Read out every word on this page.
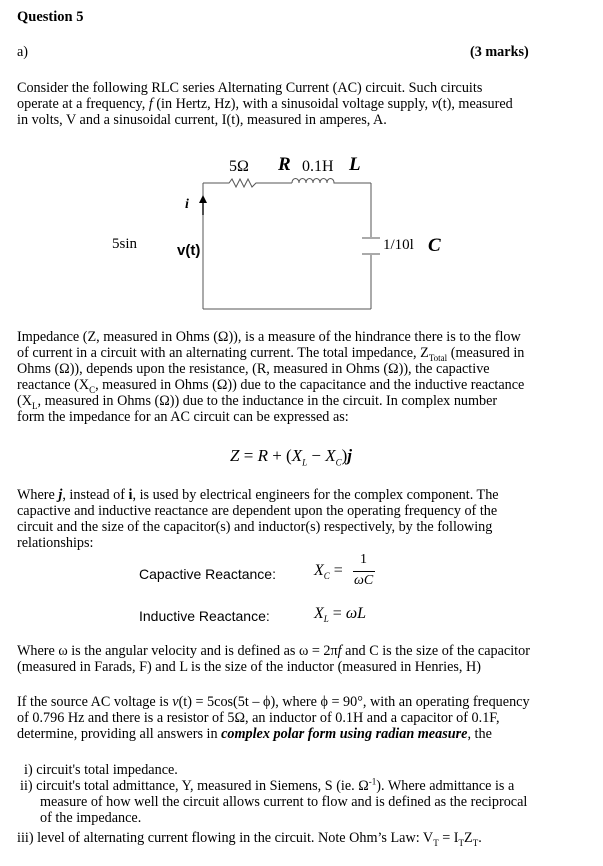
Question 5
a)	(3 marks)
Consider the following RLC series Alternating Current (AC) circuit. Such circuits
operate at a frequency, f (in Hertz, Hz), with a sinusoidal voltage supply, v(t), measured
in volts, V and a sinusoidal current, I(t), measured in amperes, A.
5Ω R 0.1H L
i
5sin	v(t)	1/10l C
Impedance (Z, measured in Ohms (Ω)), is a measure of the hindrance there is to the flow
of current in a circuit with an alternating current. The total impedance, $Z_{Total}$ (measured in
Ohms (Ω)), depends upon the resistance, (R, measured in Ohms (Ω)), the capactive
reactance ($X_C$, measured in Ohms (Ω)) due to the capacitance and the inductive reactance
($X_L$, measured in Ohms (Ω)) due to the inductance in the circuit. In complex number
form the impedance for an AC circuit can be expressed as:
$Z = R + (X_L - X_C)j$
Where j, instead of i, is used by electrical engineers for the complex component. The
capactive and inductive reactance are dependent upon the operating frequency of the
circuit and the size of the capacitor(s) and inductor(s) respectively, by the following
relationships:
Capactive Reactance: $X_C$ =
1
ωC
Inductive Reactance:	$X_L = \omega L$
Where ω is the angular velocity and is defined as ω = 2πf and C is the size of the capacitor
(measured in Farads, F) and L is the size of the inductor (measured in Henries, H)
If the source AC voltage is v(t) = 5cos(5t – ϕ), where ϕ = 90°, with an operating frequency
of 0.796 Hz and there is a resistor of 5Ω, an inductor of 0.1H and a capacitor of 0.1F,
determine, providing all answers in complex polar form using radian measure, the
i) circuit's total impedance.
ii) circuit's total admittance, Y, measured in Siemens, S (ie. $\Omega^{-1}$). Where admittance is a
measure of how well the circuit allows current to flow and is defined as the reciprocal
of the impedance.
iii) level of alternating current flowing in the circuit. Note Ohm’s Law: $V_T = I_TZ_T$.
